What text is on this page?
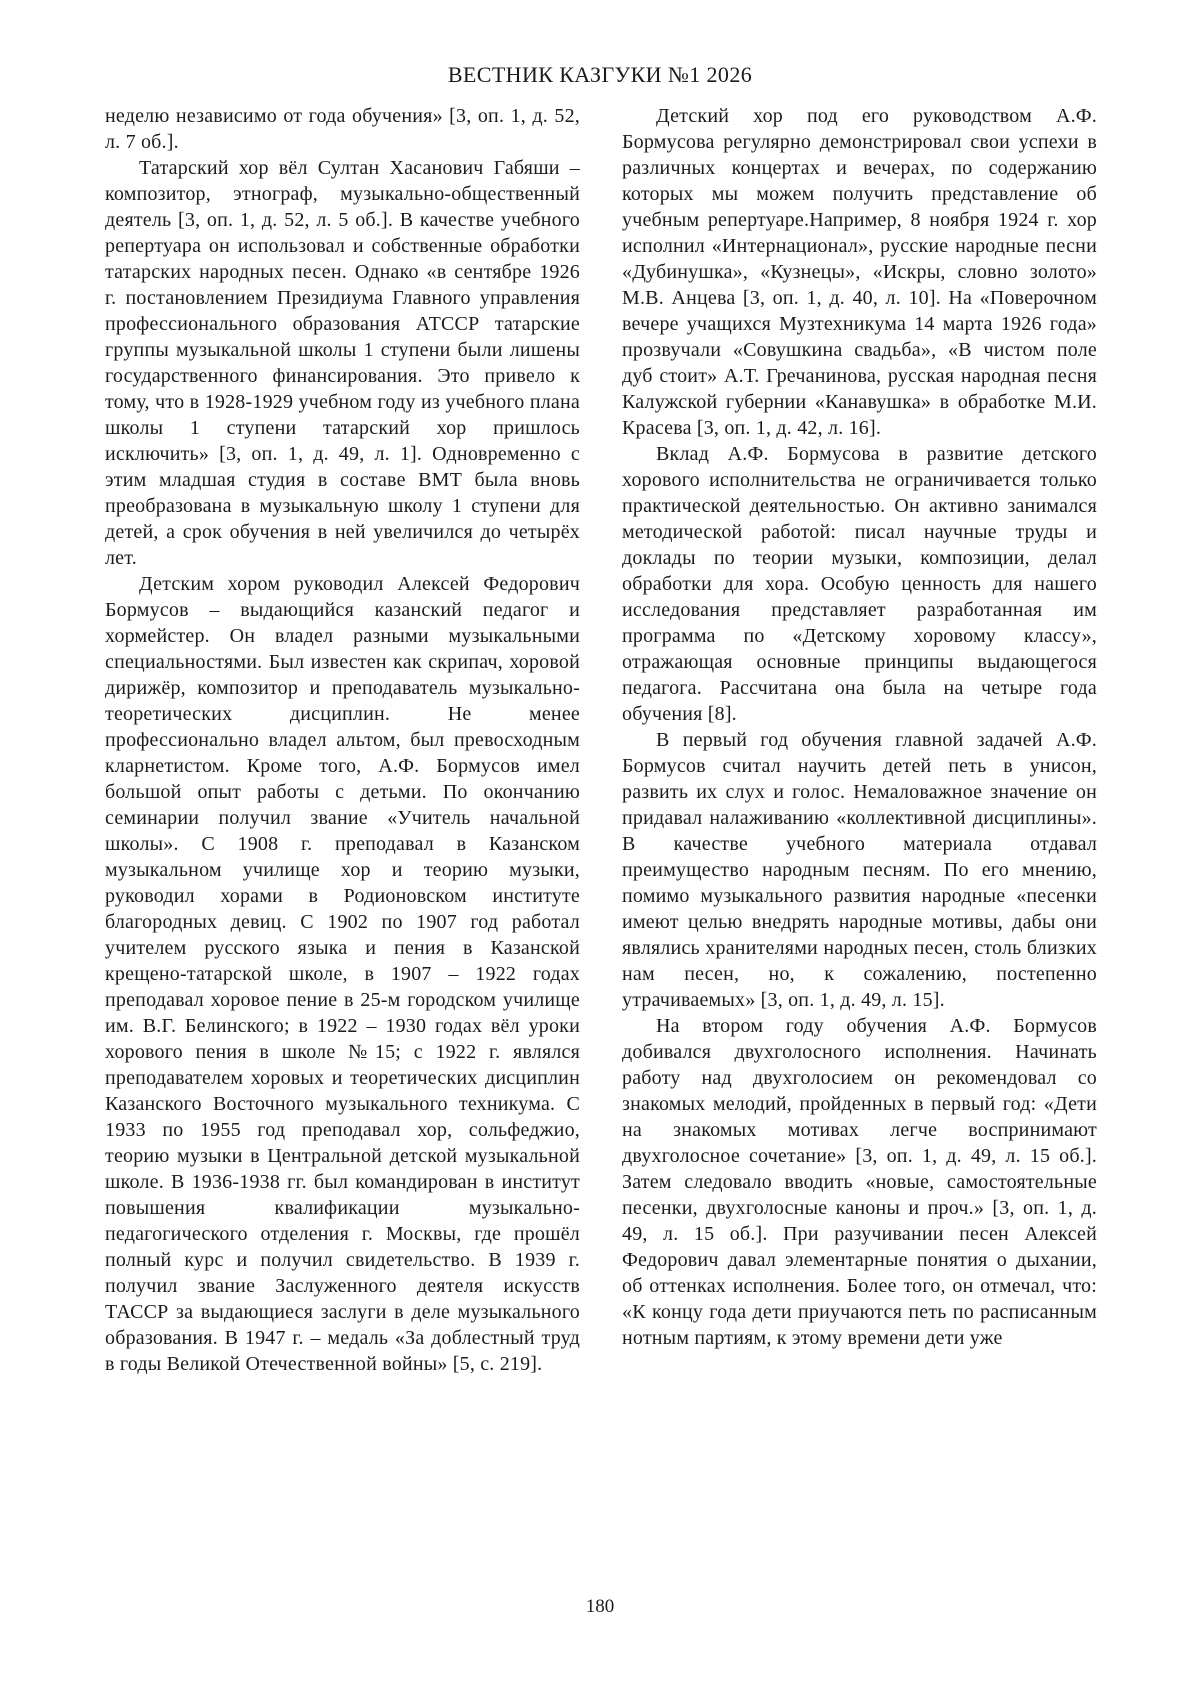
ВЕСТНИК КАЗГУКИ №1 2026

неделю независимо от года обучения» [3, оп. 1, д. 52, л. 7 об.].

Татарский хор вёл Султан Хасанович Габяши – композитор, этнограф, музыкально-общественный деятель [3, оп. 1, д. 52, л. 5 об.]. В качестве учебного репертуара он использовал и собственные обработки татарских народных песен. Однако «в сентябре 1926 г. постановлением Президиума Главного управления профессионального образования АТССР татарские группы музыкальной школы 1 ступени были лишены государственного финансирования. Это привело к тому, что в 1928-1929 учебном году из учебного плана школы 1 ступени татарский хор пришлось исключить» [3, оп. 1, д. 49, л. 1]. Одновременно с этим младшая студия в составе ВМТ была вновь преобразована в музыкальную школу 1 ступени для детей, а срок обучения в ней увеличился до четырёх лет.

Детским хором руководил Алексей Федорович Бормусов – выдающийся казанский педагог и хормейстер. Он владел разными музыкальными специальностями. Был известен как скрипач, хоровой дирижёр, композитор и преподаватель музыкально-теоретических дисциплин. Не менее профессионально владел альтом, был превосходным кларнетистом. Кроме того, А.Ф. Бормусов имел большой опыт работы с детьми. По окончанию семинарии получил звание «Учитель начальной школы». С 1908 г. преподавал в Казанском музыкальном училище хор и теорию музыки, руководил хорами в Родионовском институте благородных девиц. С 1902 по 1907 год работал учителем русского языка и пения в Казанской крещено-татарской школе, в 1907 – 1922 годах преподавал хоровое пение в 25-м городском училище им. В.Г. Белинского; в 1922 – 1930 годах вёл уроки хорового пения в школе №15; с 1922 г. являлся преподавателем хоровых и теоретических дисциплин Казанского Восточного музыкального техникума. С 1933 по 1955 год преподавал хор, сольфеджио, теорию музыки в Центральной детской музыкальной школе. В 1936-1938 гг. был командирован в институт повышения квалификации музыкально-педагогического отделения г. Москвы, где прошёл полный курс и получил свидетельство. В 1939 г. получил звание Заслуженного деятеля искусств ТАССР за выдающиеся заслуги в деле музыкального образования. В 1947 г. – медаль «За доблестный труд в годы Великой Отечественной войны» [5, с. 219].

Детский хор под его руководством А.Ф. Бормусова регулярно демонстрировал свои успехи в различных концертах и вечерах, по содержанию которых мы можем получить представление об учебным репертуаре.Например, 8 ноября 1924 г. хор исполнил «Интернационал», русские народные песни «Дубинушка», «Кузнецы», «Искры, словно золото» М.В. Анцева [3, оп. 1, д. 40, л. 10]. На «Поверочном вечере учащихся Музтехникума 14 марта 1926 года» прозвучали «Совушкина свадьба», «В чистом поле дуб стоит» А.Т. Гречанинова, русская народная песня Калужской губернии «Канавушка» в обработке М.И. Красева [3, оп. 1, д. 42, л. 16].

Вклад А.Ф. Бормусова в развитие детского хорового исполнительства не ограничивается только практической деятельностью. Он активно занимался методической работой: писал научные труды и доклады по теории музыки, композиции, делал обработки для хора. Особую ценность для нашего исследования представляет разработанная им программа по «Детскому хоровому классу», отражающая основные принципы выдающегося педагога. Рассчитана она была на четыре года обучения [8].

В первый год обучения главной задачей А.Ф. Бормусов считал научить детей петь в унисон, развить их слух и голос. Немаловажное значение он придавал налаживанию «коллективной дисциплины». В качестве учебного материала отдавал преимущество народным песням. По его мнению, помимо музыкального развития народные «песенки имеют целью внедрять народные мотивы, дабы они являлись хранителями народных песен, столь близких нам песен, но, к сожалению, постепенно утрачиваемых» [3, оп. 1, д. 49, л. 15].

На втором году обучения А.Ф. Бормусов добивался двухголосного исполнения. Начинать работу над двухголосием он рекомендовал со знакомых мелодий, пройденных в первый год: «Дети на знакомых мотивах легче воспринимают двухголосное сочетание» [3, оп. 1, д. 49, л. 15 об.]. Затем следовало вводить «новые, самостоятельные песенки, двухголосные каноны и проч.» [3, оп. 1, д. 49, л. 15 об.]. При разучивании песен Алексей Федорович давал элементарные понятия о дыхании, об оттенках исполнения. Более того, он отмечал, что: «К концу года дети приучаются петь по расписанным нотным партиям, к этому времени дети уже

180
